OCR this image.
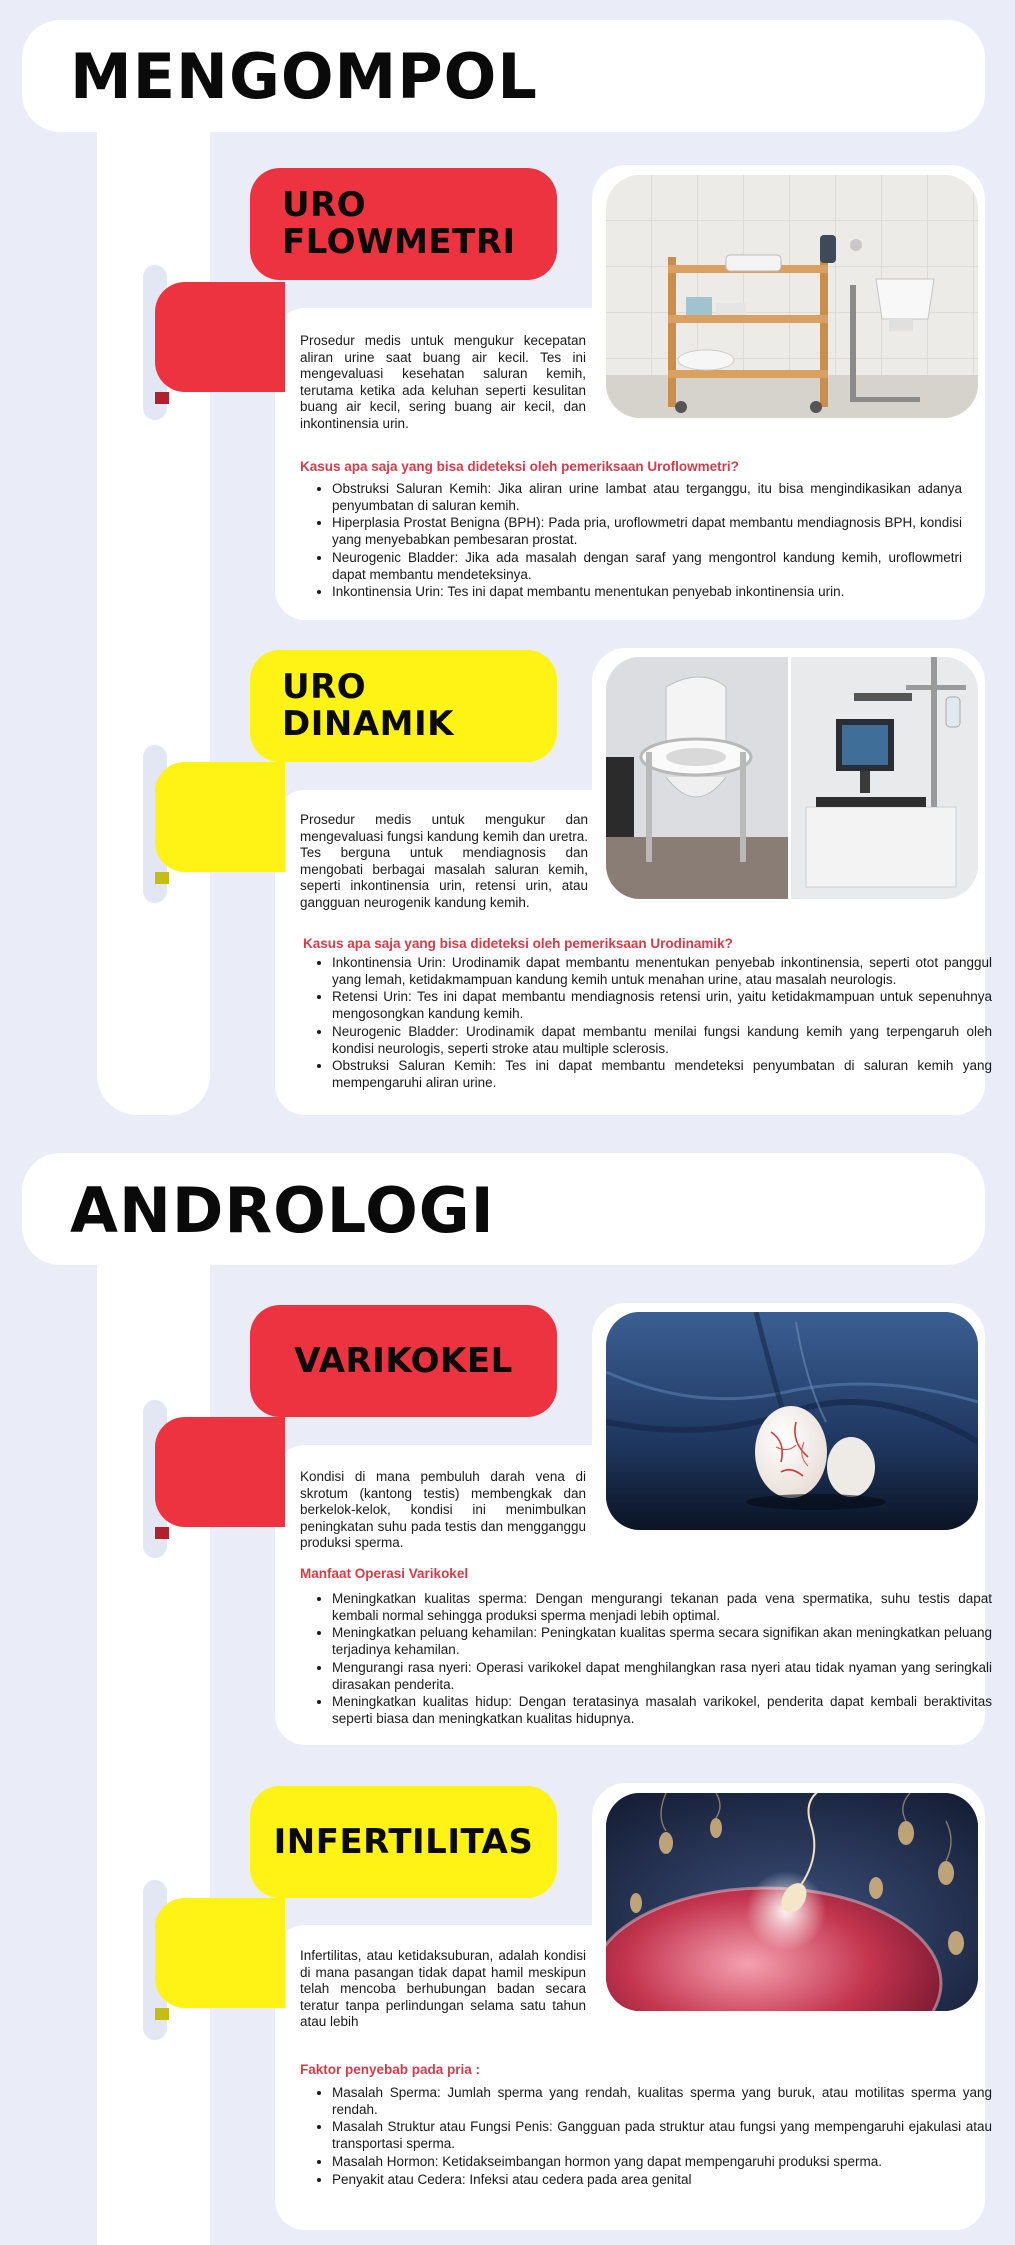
MENGOMPOL
URO
FLOWMETRI

Prosedur medis untuk mengukur kecepatan aliran urine saat buang air kecil. Tes ini mengevaluasi kesehatan saluran kemih, terutama ketika ada keluhan seperti kesulitan buang air kecil, sering buang air kecil, dan inkontinensia urin.

Kasus apa saja yang bisa dideteksi oleh pemeriksaan Uroflowmetri?
• Obstruksi Saluran Kemih: Jika aliran urine lambat atau terganggu, itu bisa mengindikasikan adanya penyumbatan di saluran kemih.
• Hiperplasia Prostat Benigna (BPH): Pada pria, uroflowmetri dapat membantu mendiagnosis BPH, kondisi yang menyebabkan pembesaran prostat.
• Neurogenic Bladder: Jika ada masalah dengan saraf yang mengontrol kandung kemih, uroflowmetri dapat membantu mendeteksinya.
• Inkontinensia Urin: Tes ini dapat membantu menentukan penyebab inkontinensia urin.
URO
DINAMIK

Prosedur medis untuk mengukur dan mengevaluasi fungsi kandung kemih dan uretra. Tes berguna untuk mendiagnosis dan mengobati berbagai masalah saluran kemih, seperti inkontinensia urin, retensi urin, atau gangguan neurogenik kandung kemih.

Kasus apa saja yang bisa dideteksi oleh pemeriksaan Urodinamik?
• Inkontinensia Urin: Urodinamik dapat membantu menentukan penyebab inkontinensia, seperti otot panggul yang lemah, ketidakmampuan kandung kemih untuk menahan urine, atau masalah neurologis.
• Retensi Urin: Tes ini dapat membantu mendiagnosis retensi urin, yaitu ketidakmampuan untuk sepenuhnya mengosongkan kandung kemih.
• Neurogenic Bladder: Urodinamik dapat membantu menilai fungsi kandung kemih yang terpengaruh oleh kondisi neurologis, seperti stroke atau multiple sclerosis.
• Obstruksi Saluran Kemih: Tes ini dapat membantu mendeteksi penyumbatan di saluran kemih yang mempengaruhi aliran urine.
ANDROLOGI
VARIKOKEL

Kondisi di mana pembuluh darah vena di skrotum (kantong testis) membengkak dan berkelok-kelok, kondisi ini menimbulkan peningkatan suhu pada testis dan mengganggu produksi sperma.

Manfaat Operasi Varikokel
• Meningkatkan kualitas sperma: Dengan mengurangi tekanan pada vena spermatika, suhu testis dapat kembali normal sehingga produksi sperma menjadi lebih optimal.
• Meningkatkan peluang kehamilan: Peningkatan kualitas sperma secara signifikan akan meningkatkan peluang terjadinya kehamilan.
• Mengurangi rasa nyeri: Operasi varikokel dapat menghilangkan rasa nyeri atau tidak nyaman yang seringkali dirasakan penderita.
• Meningkatkan kualitas hidup: Dengan teratasinya masalah varikokel, penderita dapat kembali beraktivitas seperti biasa dan meningkatkan kualitas hidupnya.
INFERTILITAS

Infertilitas, atau ketidaksuburan, adalah kondisi di mana pasangan tidak dapat hamil meskipun telah mencoba berhubungan badan secara teratur tanpa perlindungan selama satu tahun atau lebih

Faktor penyebab pada pria :
• Masalah Sperma: Jumlah sperma yang rendah, kualitas sperma yang buruk, atau motilitas sperma yang rendah.
• Masalah Struktur atau Fungsi Penis: Gangguan pada struktur atau fungsi yang mempengaruhi ejakulasi atau transportasi sperma.
• Masalah Hormon: Ketidakseimbangan hormon yang dapat mempengaruhi produksi sperma.
• Penyakit atau Cedera: Infeksi atau cedera pada area genital
